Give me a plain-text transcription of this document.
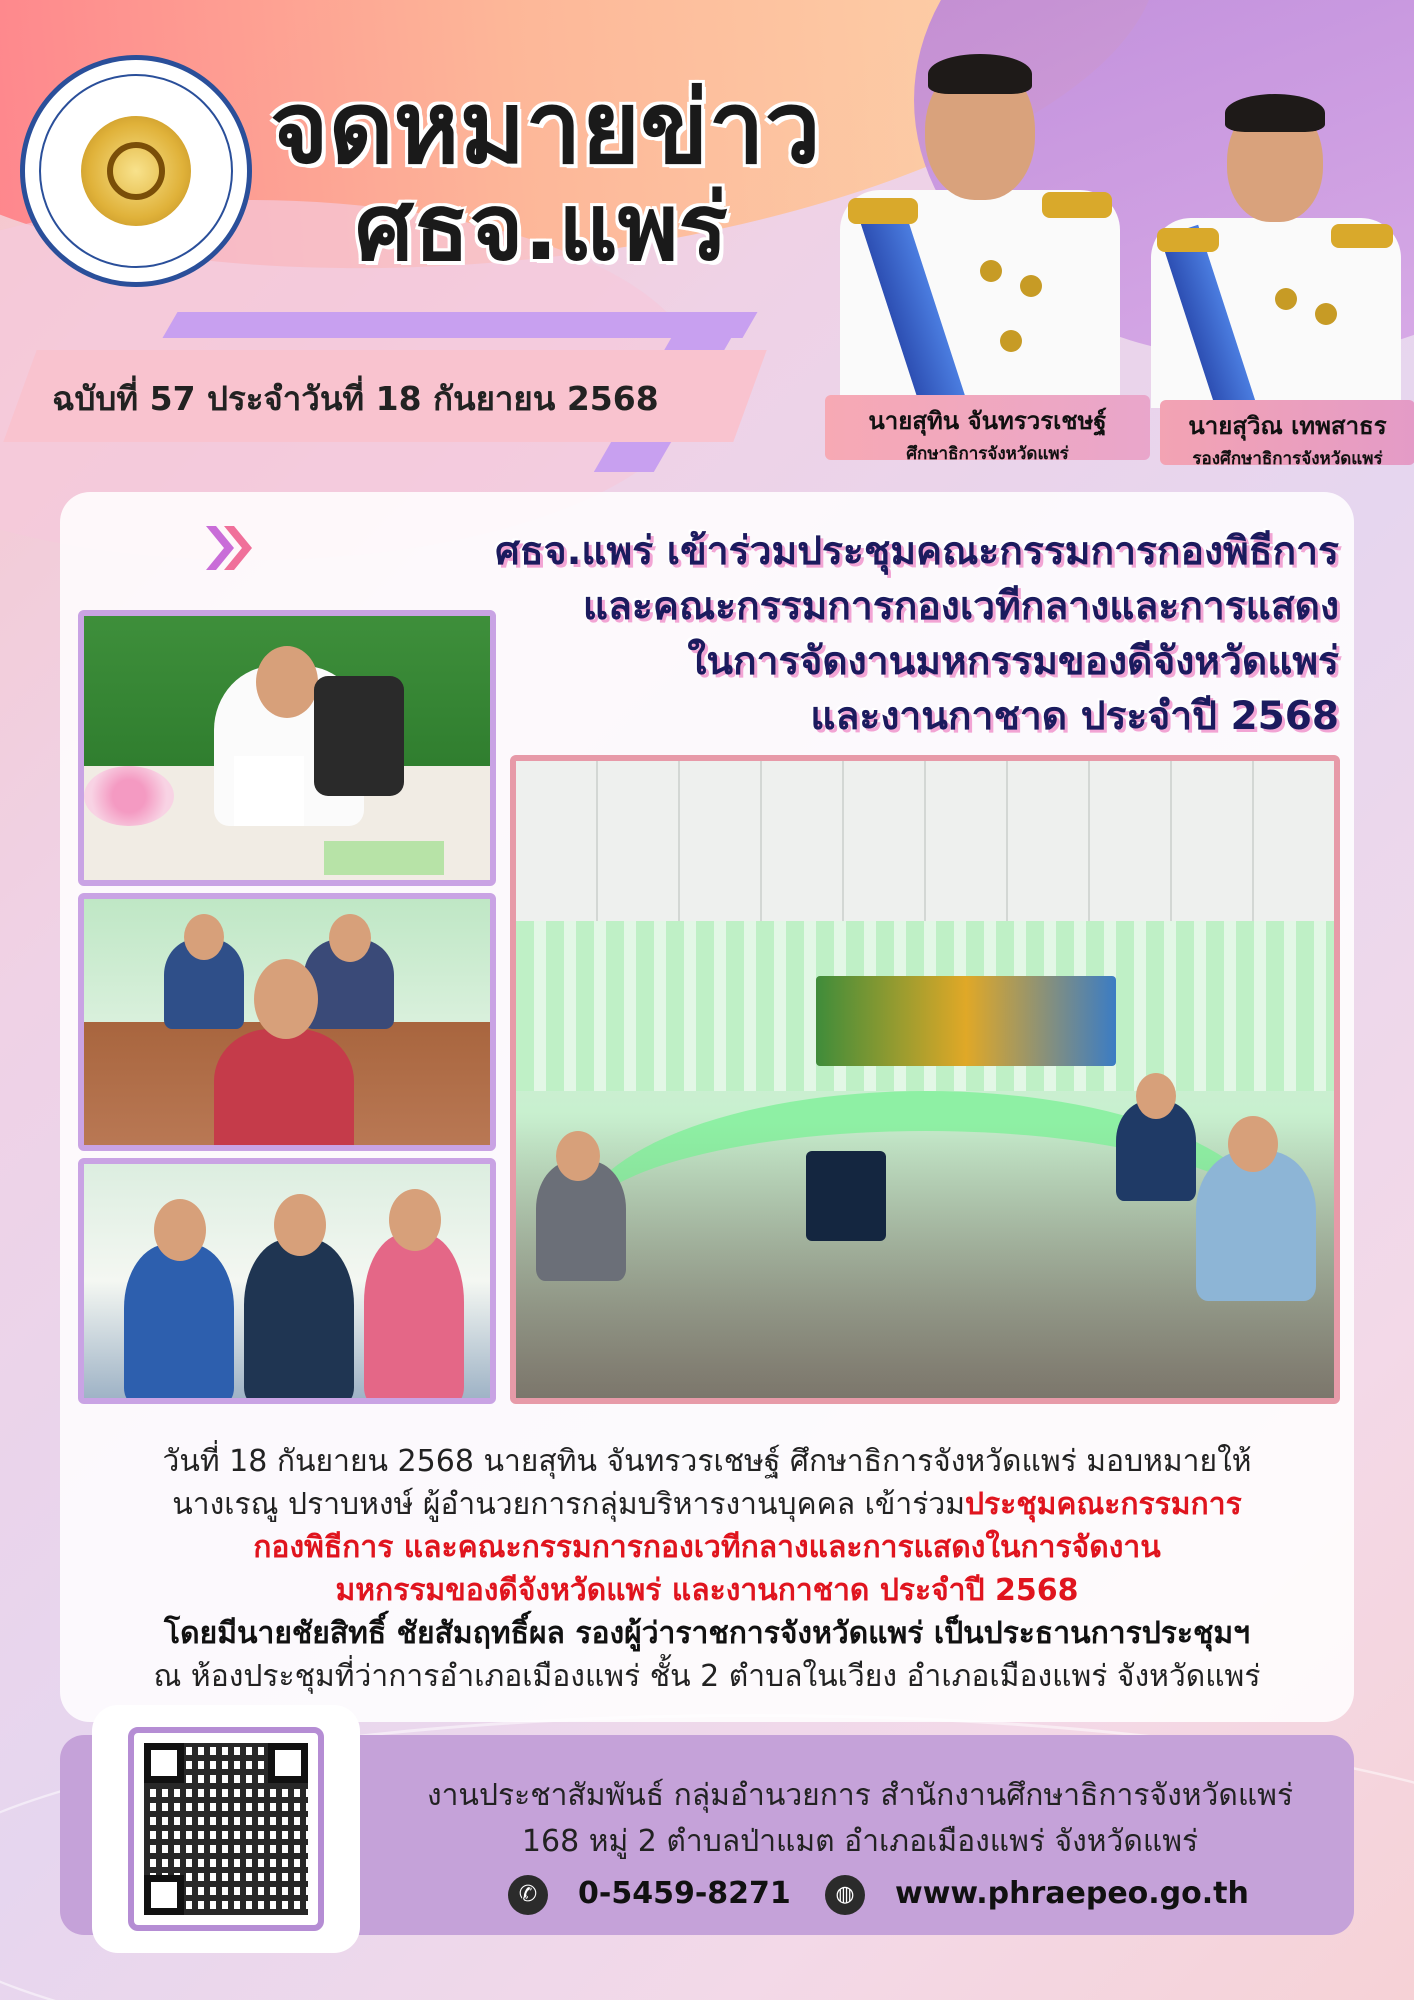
จดหมายข่าว
ศธจ.แพร่
ฉบับที่ 57 ประจำวันที่ 18 กันยายน 2568
นายสุทิน จันทรวรเชษฐ์
ศึกษาธิการจังหวัดแพร่
นายสุวิณ เทพสาธร
รองศึกษาธิการจังหวัดแพร่
ศธจ.แพร่ เข้าร่วมประชุมคณะกรรมการกองพิธีการ
และคณะกรรมการกองเวทีกลางและการแสดง
ในการจัดงานมหกรรมของดีจังหวัดแพร่
และงานกาชาด ประจำปี 2568
วันที่ 18 กันยายน 2568 นายสุทิน จันทรวรเชษฐ์ ศึกษาธิการจังหวัดแพร่ มอบหมายให้
นางเรณู ปราบหงษ์ ผู้อำนวยการกลุ่มบริหารงานบุคคล เข้าร่วมประชุมคณะกรรมการ
กองพิธีการ และคณะกรรมการกองเวทีกลางและการแสดงในการจัดงาน
มหกรรมของดีจังหวัดแพร่ และงานกาชาด ประจำปี 2568
โดยมีนายชัยสิทธิ์ ชัยสัมฤทธิ์ผล รองผู้ว่าราชการจังหวัดแพร่ เป็นประธานการประชุมฯ
ณ ห้องประชุมที่ว่าการอำเภอเมืองแพร่ ชั้น 2 ตำบลในเวียง อำเภอเมืองแพร่ จังหวัดแพร่
งานประชาสัมพันธ์ กลุ่มอำนวยการ สำนักงานศึกษาธิการจังหวัดแพร่
168 หมู่ 2 ตำบลป่าแมต อำเภอเมืองแพร่ จังหวัดแพร่
✆	0-5459-8271	◍	www.phraepeo.go.th
